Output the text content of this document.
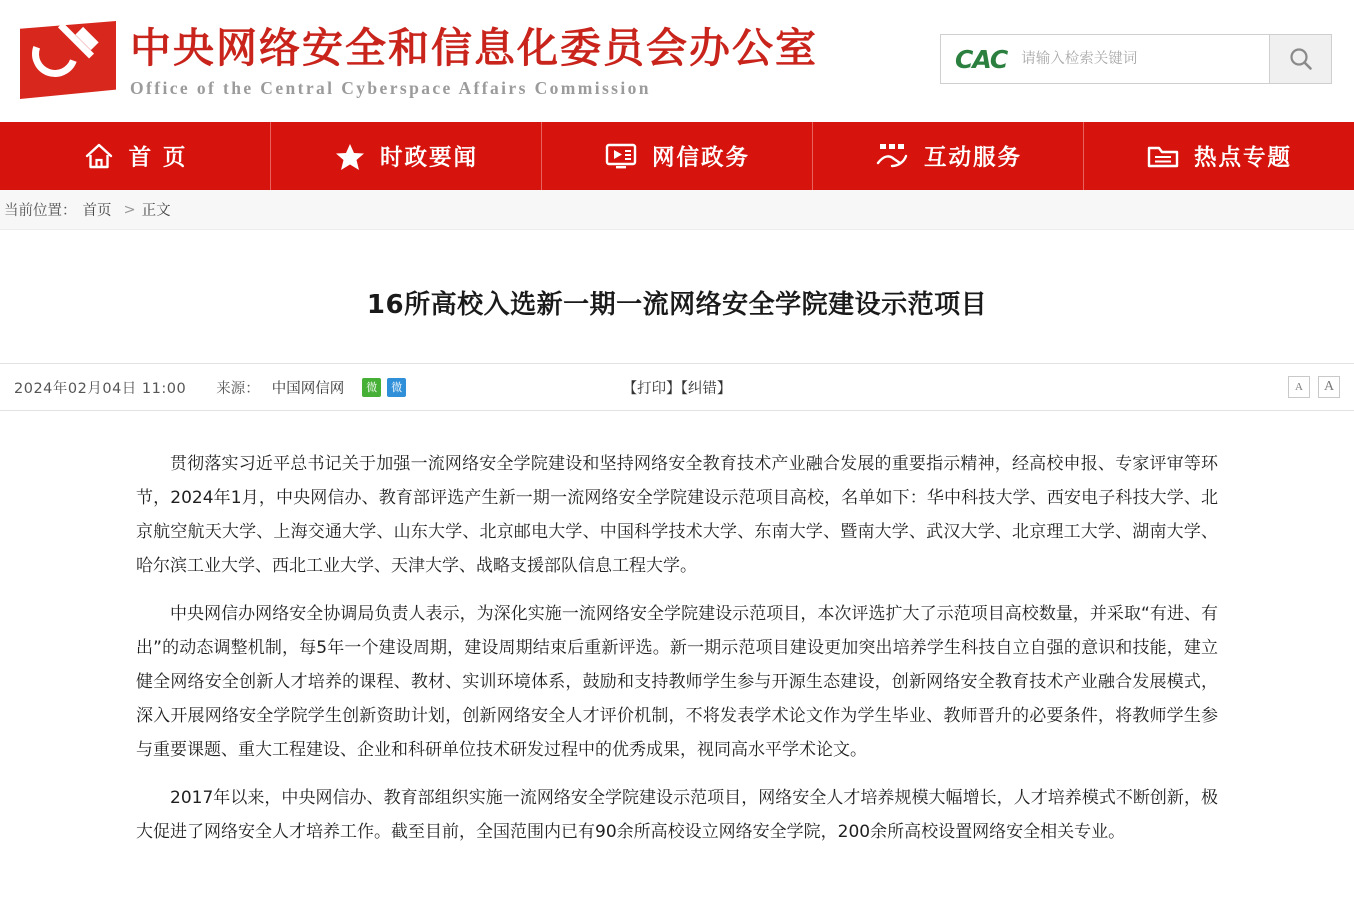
中央网络安全和信息化委员会办公室
Office of the Central Cyberspace Affairs Commission
CAC
请输入检索关键词
首 页	时政要闻	网信政务	互动服务	热点专题
当前位置： 首页 > 正文
16所高校入选新一期一流网络安全学院建设示范项目
2024年02月04日 11:00 来源： 中国网信网	微	微	【打印】【纠错】	A	A

贯彻落实习近平总书记关于加强一流网络安全学院建设和坚持网络安全教育技术产业融合发展的重要指示精神，经高校申报、专家评审等环节，2024年1月，中央网信办、教育部评选产生新一期一流网络安全学院建设示范项目高校，名单如下：华中科技大学、西安电子科技大学、北京航空航天大学、上海交通大学、山东大学、北京邮电大学、中国科学技术大学、东南大学、暨南大学、武汉大学、北京理工大学、湖南大学、哈尔滨工业大学、西北工业大学、天津大学、战略支援部队信息工程大学。

中央网信办网络安全协调局负责人表示，为深化实施一流网络安全学院建设示范项目，本次评选扩大了示范项目高校数量，并采取“有进、有出”的动态调整机制，每5年一个建设周期，建设周期结束后重新评选。新一期示范项目建设更加突出培养学生科技自立自强的意识和技能，建立健全网络安全创新人才培养的课程、教材、实训环境体系，鼓励和支持教师学生参与开源生态建设，创新网络安全教育技术产业融合发展模式，深入开展网络安全学院学生创新资助计划，创新网络安全人才评价机制，不将发表学术论文作为学生毕业、教师晋升的必要条件，将教师学生参与重要课题、重大工程建设、企业和科研单位技术研发过程中的优秀成果，视同高水平学术论文。

2017年以来，中央网信办、教育部组织实施一流网络安全学院建设示范项目，网络安全人才培养规模大幅增长，人才培养模式不断创新，极大促进了网络安全人才培养工作。截至目前，全国范围内已有90余所高校设立网络安全学院，200余所高校设置网络安全相关专业。
